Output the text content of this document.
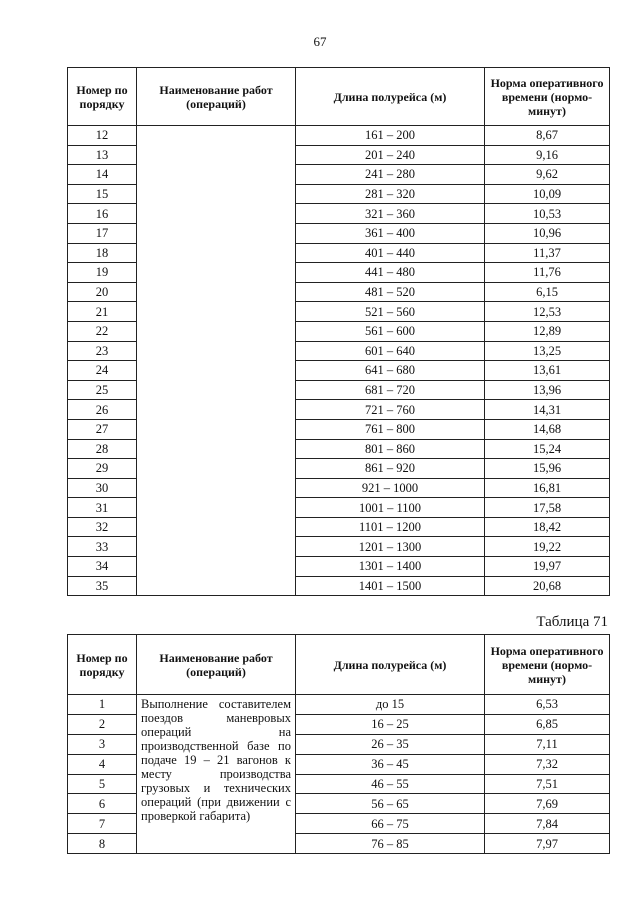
67
Номер по порядку	Наименование работ (операций)	Длина полурейса (м)	Норма оперативного времени (нормо-минут)
12		161 – 200	8,67
13		201 – 240	9,16
14		241 – 280	9,62
15		281 – 320	10,09
16		321 – 360	10,53
17		361 – 400	10,96
18		401 – 440	11,37
19		441 – 480	11,76
20		481 – 520	6,15
21		521 – 560	12,53
22		561 – 600	12,89
23		601 – 640	13,25
24		641 – 680	13,61
25		681 – 720	13,96
26		721 – 760	14,31
27		761 – 800	14,68
28		801 – 860	15,24
29		861 – 920	15,96
30		921 – 1000	16,81
31		1001 – 1100	17,58
32		1101 – 1200	18,42
33		1201 – 1300	19,22
34		1301 – 1400	19,97
35		1401 – 1500	20,68
Таблица 71
Номер по порядку	Наименование работ (операций)	Длина полурейса (м)	Норма оперативного времени (нормо-минут)
1	Выполнение составителем поездов маневровых операций на производственной базе по подаче 19 – 21 вагонов к месту производства грузовых и технических операций (при движении с проверкой габарита)	до 15	6,53
2		16 – 25	6,85
3		26 – 35	7,11
4		36 – 45	7,32
5		46 – 55	7,51
6		56 – 65	7,69
7		66 – 75	7,84
8		76 – 85	7,97
